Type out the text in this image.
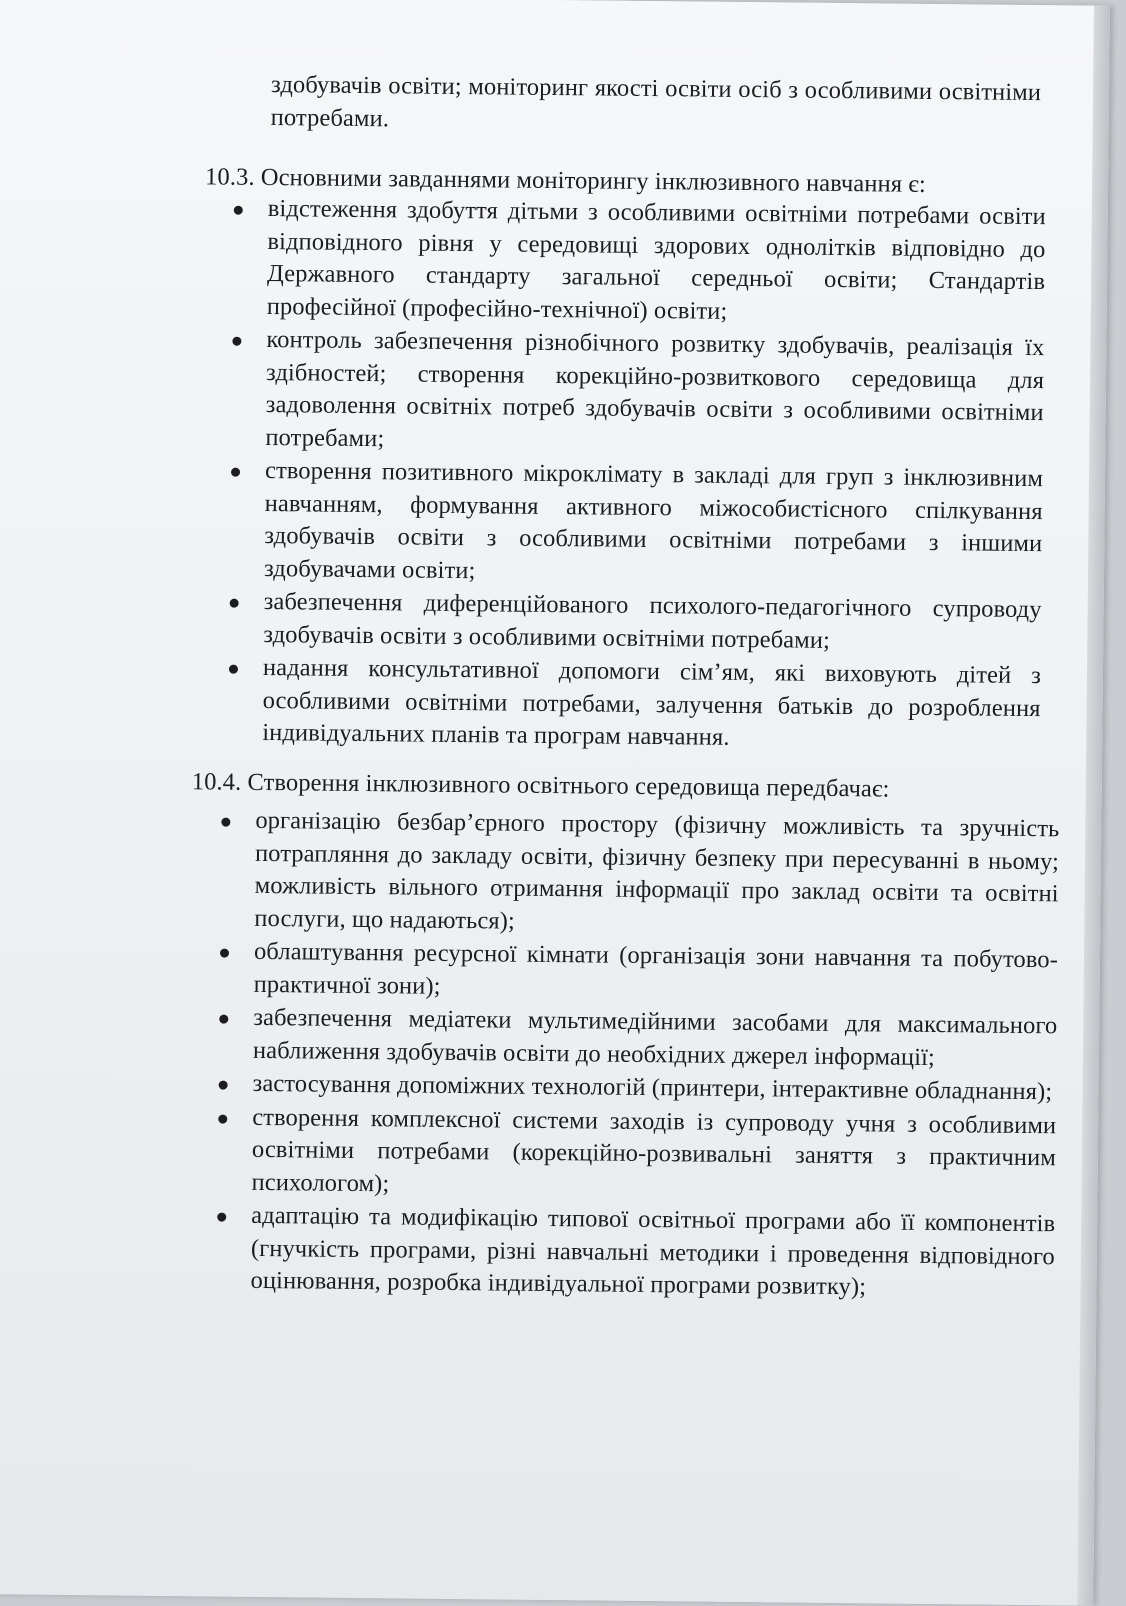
здобувачів освіти; моніторинг якості освіти осіб з особливими освітніми потребами.

10.3. Основними завданнями моніторингу інклюзивного навчання є:
відстеження здобуття дітьми з особливими освітніми потребами освіти відповідного рівня у середовищі здорових однолітків відповідно до Державного стандарту загальної середньої освіти; Стандартів професійної (професійно-технічної) освіти;
контроль забезпечення різнобічного розвитку здобувачів, реалізація їх здібностей; створення корекційно-розвиткового середовища для задоволення освітніх потреб здобувачів освіти з особливими освітніми потребами;
створення позитивного мікроклімату в закладі для груп з інклюзивним навчанням, формування активного міжособистісного спілкування здобувачів освіти з особливими освітніми потребами з іншими здобувачами освіти;
забезпечення диференційованого психолого-педагогічного супроводу здобувачів освіти з особливими освітніми потребами;
надання консультативної допомоги сім’ям, які виховують дітей з особливими освітніми потребами, залучення батьків до розроблення індивідуальних планів та програм навчання.
10.4. Створення інклюзивного освітнього середовища передбачає:
організацію безбар’єрного простору (фізичну можливість та зручність потрапляння до закладу освіти, фізичну безпеку при пересуванні в ньому; можливість вільного отримання інформації про заклад освіти та освітні послуги, що надаються);
облаштування ресурсної кімнати (організація зони навчання та побутово-практичної зони);
забезпечення медіатеки мультимедійними засобами для максимального наближення здобувачів освіти до необхідних джерел інформації;
застосування допоміжних технологій (принтери, інтерактивне обладнання);
створення комплексної системи заходів із супроводу учня з особливими освітніми потребами (корекційно-розвивальні заняття з практичним психологом);
адаптацію та модифікацію типової освітньої програми або її компонентів (гнучкість програми, різні навчальні методики і проведення відповідного оцінювання, розробка індивідуальної програми розвитку);
